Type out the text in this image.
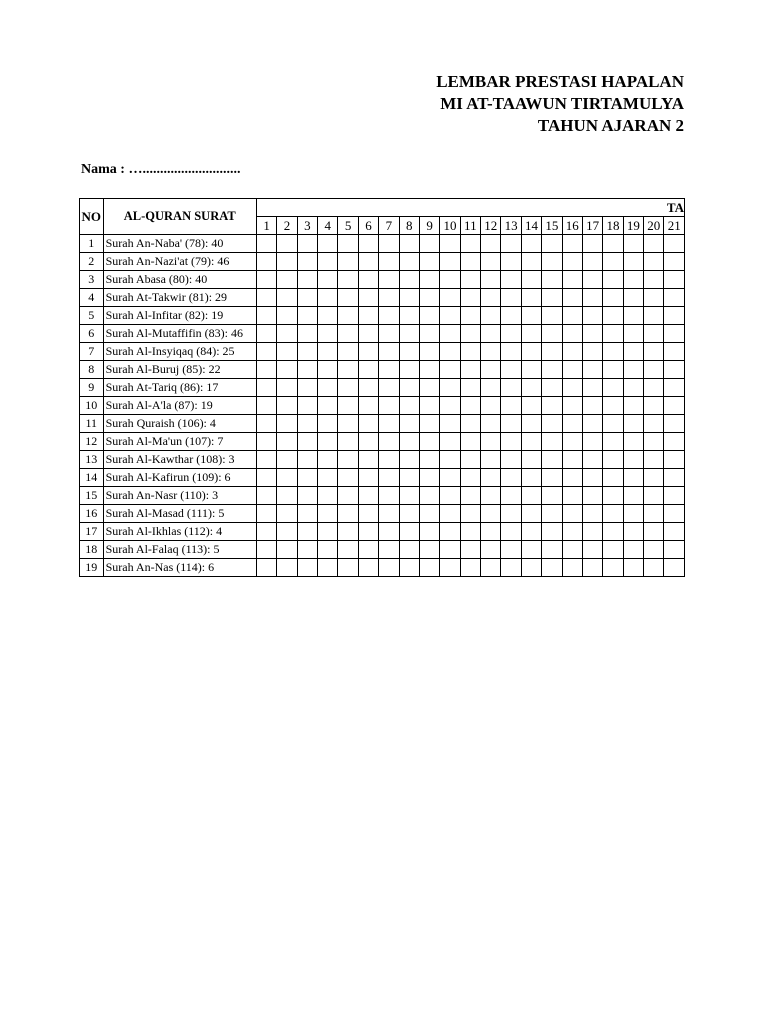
LEMBAR PRESTASI HAPALAN
MI AT-TAAWUN TIRTAMULYA
TAHUN AJARAN 2
Nama : …............................
NO	AL-QURAN SURAT	TA																				
		1	2	3	4	5	6	7	8	9	10	11	12	13	14	15	16	17	18	19	20	21
1	Surah An-Naba' (78): 40																					
2	Surah An-Nazi'at (79): 46																					
3	Surah Abasa (80): 40																					
4	Surah At-Takwir (81): 29																					
5	Surah Al-Infitar (82): 19																					
6	Surah Al-Mutaffifin (83): 46																					
7	Surah Al-Insyiqaq (84): 25																					
8	Surah Al-Buruj (85): 22																					
9	Surah At-Tariq (86): 17																					
10	Surah Al-A'la (87): 19																					
11	Surah Quraish (106): 4																					
12	Surah Al-Ma'un (107): 7																					
13	Surah Al-Kawthar (108): 3																					
14	Surah Al-Kafirun (109): 6																					
15	Surah An-Nasr (110): 3																					
16	Surah Al-Masad (111): 5																					
17	Surah Al-Ikhlas (112): 4																					
18	Surah Al-Falaq (113): 5																					
19	Surah An-Nas (114): 6																					
